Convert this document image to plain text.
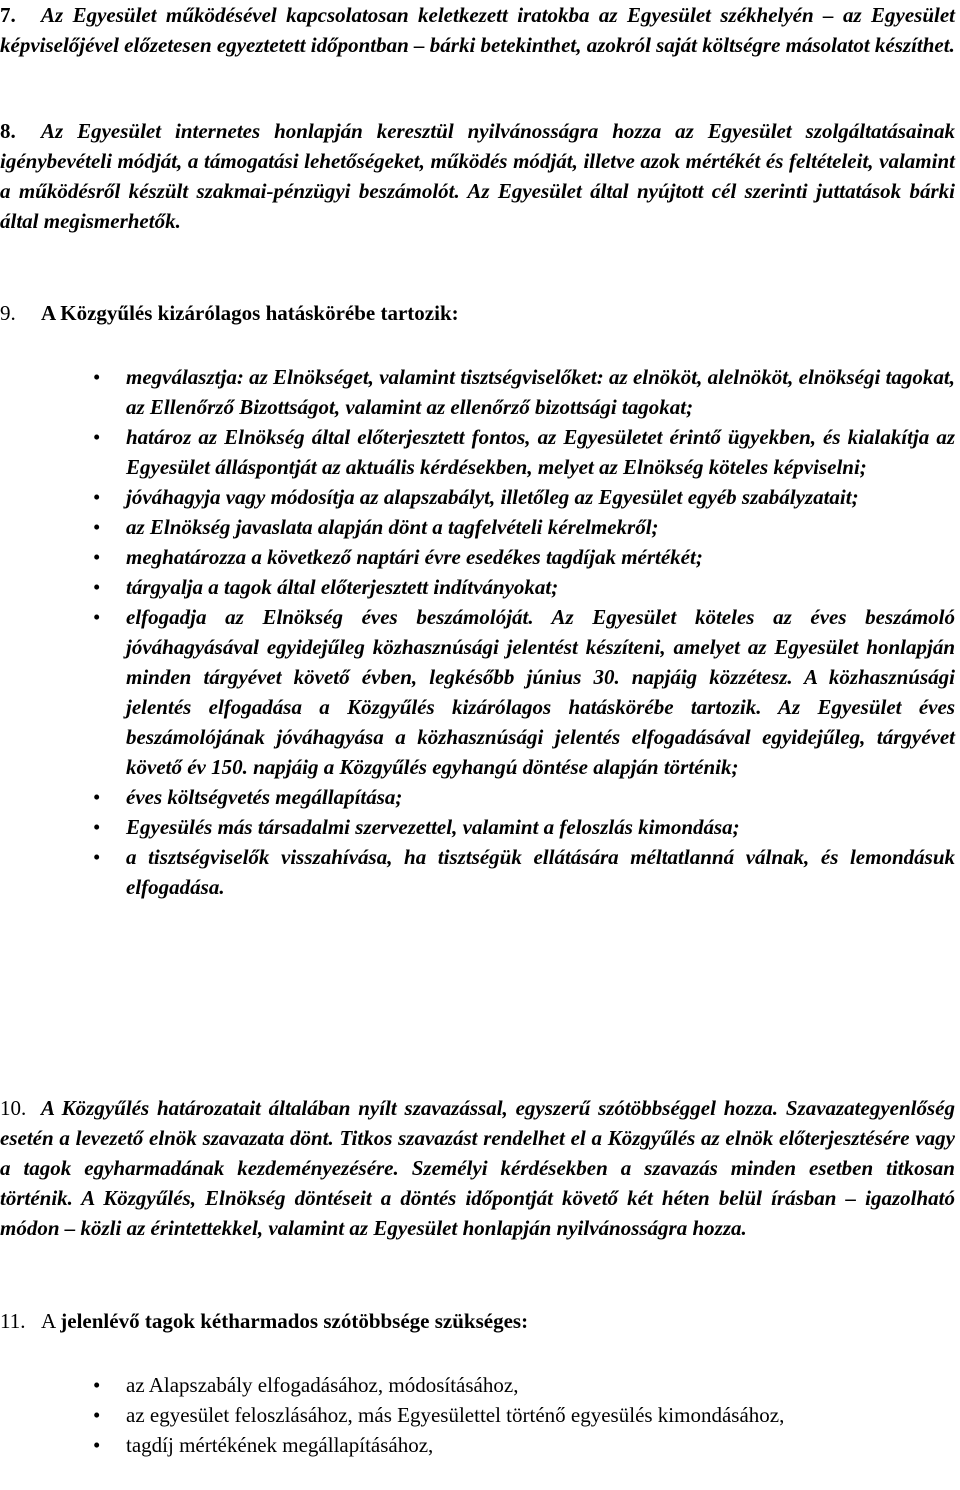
7. Az Egyesület működésével kapcsolatosan keletkezett iratokba az Egyesület székhelyén – az Egyesület képviselőjével előzetesen egyeztetett időpontban – bárki betekinthet, azokról saját költségre másolatot készíthet.
8. Az Egyesület internetes honlapján keresztül nyilvánosságra hozza az Egyesület szolgáltatásainak igénybevételi módját, a támogatási lehetőségeket, működés módját, illetve azok mértékét és feltételeit, valamint a működésről készült szakmai-pénzügyi beszámolót. Az Egyesület által nyújtott cél szerinti juttatások bárki által megismerhetők.
9. A Közgyűlés kizárólagos hatáskörébe tartozik:
• megválasztja: az Elnökséget, valamint tisztségviselőket: az elnököt, alelnököt, elnökségi tagokat, az Ellenőrző Bizottságot, valamint az ellenőrző bizottsági tagokat;
• határoz az Elnökség által előterjesztett fontos, az Egyesületet érintő ügyekben, és kialakítja az Egyesület álláspontját az aktuális kérdésekben, melyet az Elnökség köteles képviselni;
• jóváhagyja vagy módosítja az alapszabályt, illetőleg az Egyesület egyéb szabályzatait;
• az Elnökség javaslata alapján dönt a tagfelvételi kérelmekről;
• meghatározza a következő naptári évre esedékes tagdíjak mértékét;
• tárgyalja a tagok által előterjesztett indítványokat;
• elfogadja az Elnökség éves beszámolóját. Az Egyesület köteles az éves beszámoló jóváhagyásával egyidejűleg közhasznúsági jelentést készíteni, amelyet az Egyesület honlapján minden tárgyévet követő évben, legkésőbb június 30. napjáig közzétesz. A közhasznúsági jelentés elfogadása a Közgyűlés kizárólagos hatáskörébe tartozik. Az Egyesület éves beszámolójának jóváhagyása a közhasznúsági jelentés elfogadásával egyidejűleg, tárgyévet követő év 150. napjáig a Közgyűlés egyhangú döntése alapján történik;
• éves költségvetés megállapítása;
• Egyesülés más társadalmi szervezettel, valamint a feloszlás kimondása;
• a tisztségviselők visszahívása, ha tisztségük ellátására méltatlanná válnak, és lemondásuk elfogadása.
10. A Közgyűlés határozatait általában nyílt szavazással, egyszerű szótöbbséggel hozza. Szavazategyenlőség esetén a levezető elnök szavazata dönt. Titkos szavazást rendelhet el a Közgyűlés az elnök előterjesztésére vagy a tagok egyharmadának kezdeményezésére. Személyi kérdésekben a szavazás minden esetben titkosan történik. A Közgyűlés, Elnökség döntéseit a döntés időpontját követő két héten belül írásban – igazolható módon – közli az érintettekkel, valamint az Egyesület honlapján nyilvánosságra hozza.
11. A jelenlévő tagok kétharmados szótöbbsége szükséges:
• az Alapszabály elfogadásához, módosításához,
• az egyesület feloszlásához, más Egyesülettel történő egyesülés kimondásához,
• tagdíj mértékének megállapításához,
